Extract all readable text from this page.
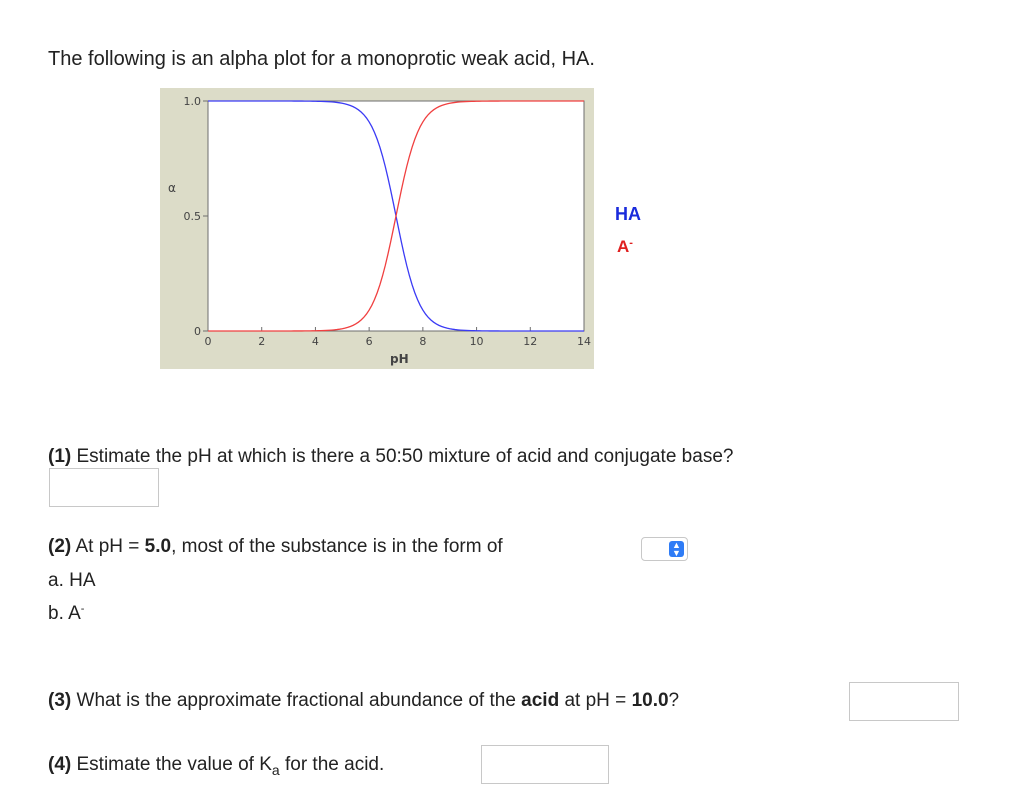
The following is an alpha plot for a monoprotic weak acid, HA.
α
pH
0	2	4	6	8	10	12	14
0
0.5
1.0
HA
A-
(1) Estimate the pH at which is there a 50:50 mixture of acid and conjugate base?
(2) At pH = 5.0, most of the substance is in the form of	▲
▼
a. HA
b. A-
(3) What is the approximate fractional abundance of the acid at pH = 10.0?
(4) Estimate the value of $K_a$ for the acid.
